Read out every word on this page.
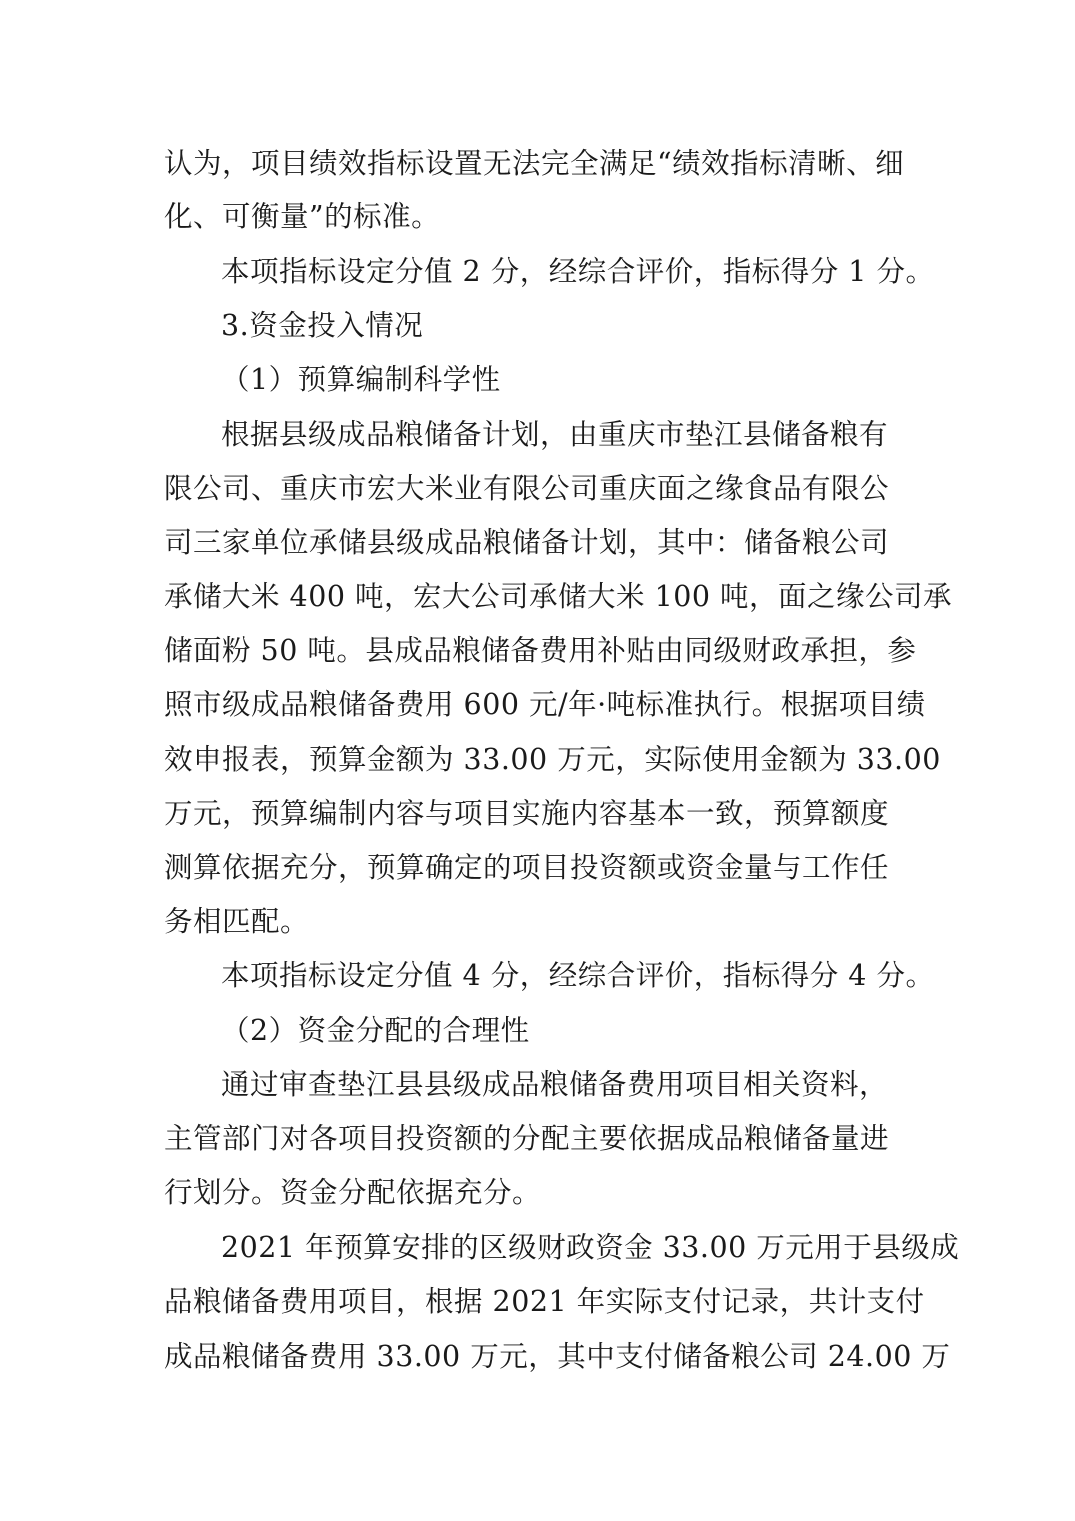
认为，项目绩效指标设置无法完全满足“绩效指标清晰、细
化、可衡量”的标准。
本项指标设定分值 2 分，经综合评价，指标得分 1 分。
3.资金投入情况
（1）预算编制科学性
根据县级成品粮储备计划，由重庆市垫江县储备粮有
限公司、重庆市宏大米业有限公司重庆面之缘食品有限公
司三家单位承储县级成品粮储备计划，其中：储备粮公司
承储大米 400 吨，宏大公司承储大米 100 吨，面之缘公司承
储面粉 50 吨。县成品粮储备费用补贴由同级财政承担，参
照市级成品粮储备费用 600 元/年·吨标准执行。根据项目绩
效申报表，预算金额为 33.00 万元，实际使用金额为 33.00
万元，预算编制内容与项目实施内容基本一致，预算额度
测算依据充分，预算确定的项目投资额或资金量与工作任
务相匹配。
本项指标设定分值 4 分，经综合评价，指标得分 4 分。
（2）资金分配的合理性
通过审查垫江县县级成品粮储备费用项目相关资料，
主管部门对各项目投资额的分配主要依据成品粮储备量进
行划分。资金分配依据充分。
2021 年预算安排的区级财政资金 33.00 万元用于县级成
品粮储备费用项目，根据 2021 年实际支付记录，共计支付
成品粮储备费用 33.00 万元，其中支付储备粮公司 24.00 万
